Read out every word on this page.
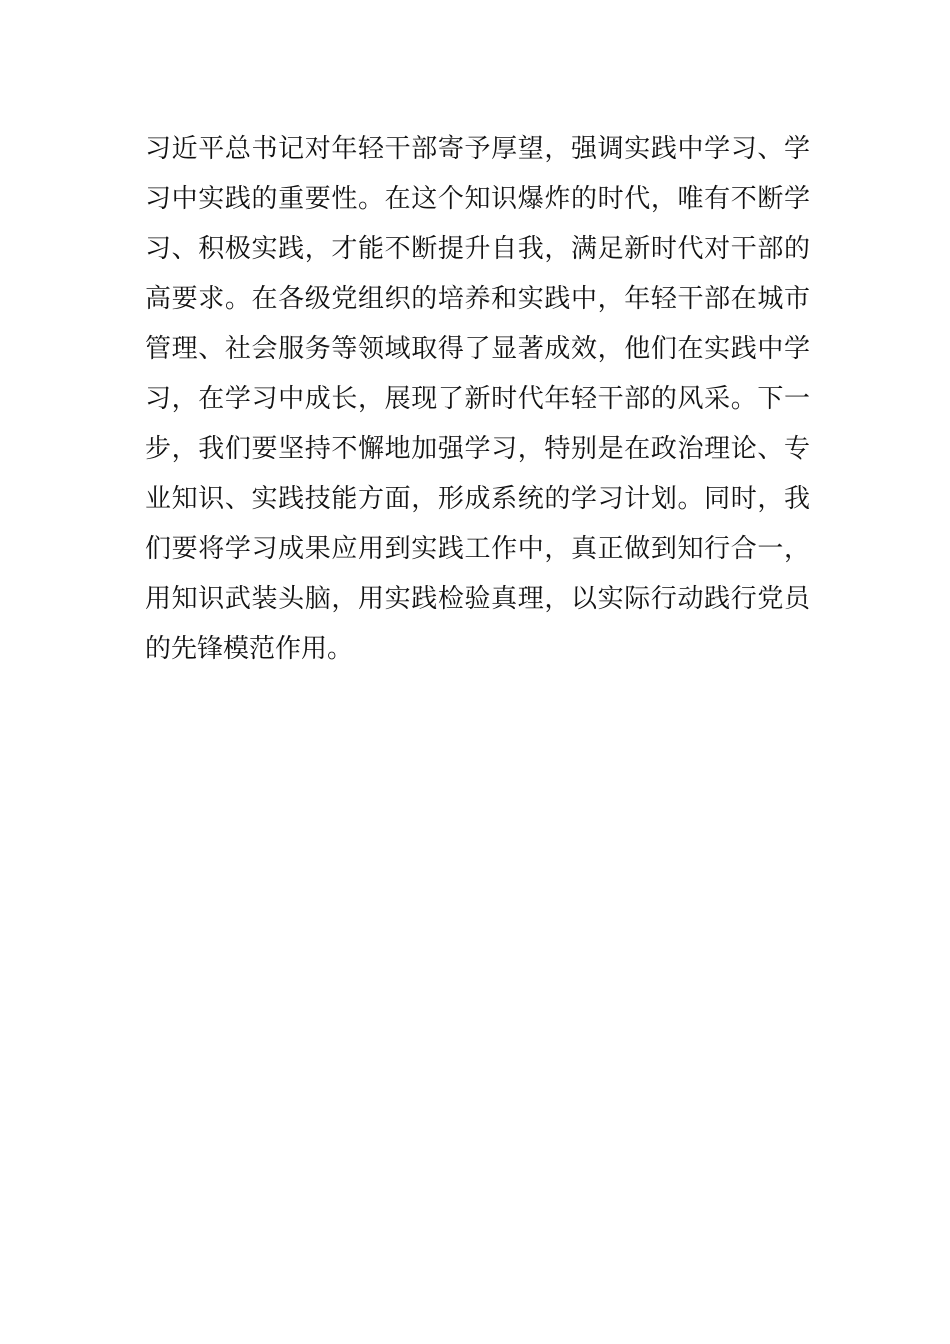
习近平总书记对年轻干部寄予厚望，强调实践中学习、学
习中实践的重要性。在这个知识爆炸的时代，唯有不断学
习、积极实践，才能不断提升自我，满足新时代对干部的
高要求。在各级党组织的培养和实践中，年轻干部在城市
管理、社会服务等领域取得了显著成效，他们在实践中学
习，在学习中成长，展现了新时代年轻干部的风采。下一
步，我们要坚持不懈地加强学习，特别是在政治理论、专
业知识、实践技能方面，形成系统的学习计划。同时，我
们要将学习成果应用到实践工作中，真正做到知行合一，
用知识武装头脑，用实践检验真理，以实际行动践行党员
的先锋模范作用。
